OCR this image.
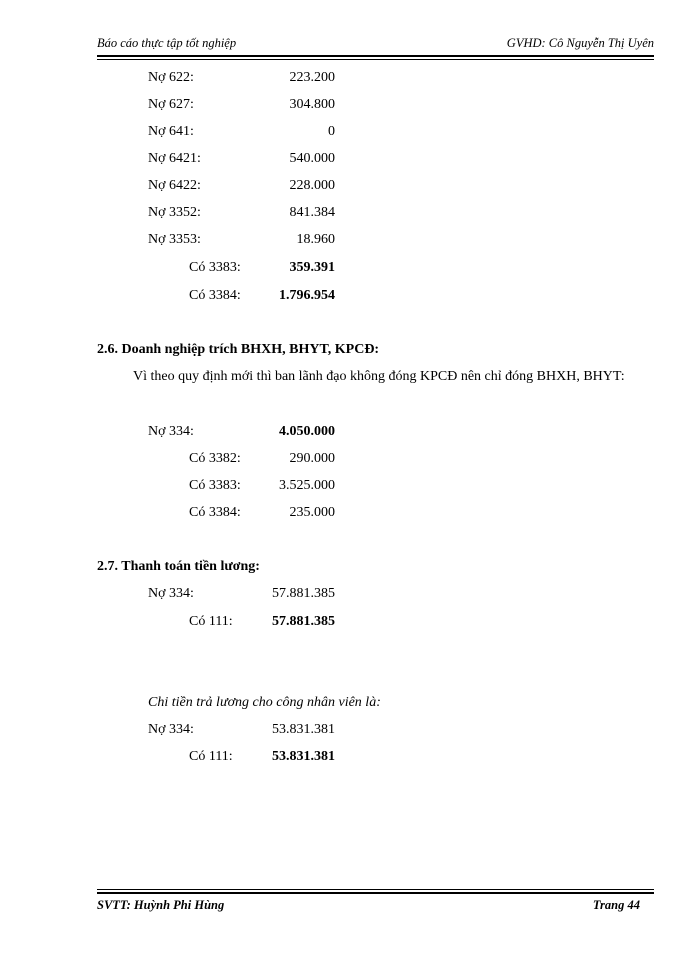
Báo cáo thực tập tốt nghiệp	GVHD: Cô Nguyễn Thị Uyên
Nợ 622:	223.200
Nợ 627:	304.800
Nợ 641:	0
Nợ 6421:	540.000
Nợ 6422:	228.000
Nợ 3352:	841.384
Nợ 3353:	18.960
Có 3383:	359.391
Có 3384:	1.796.954
2.6. Doanh nghiệp trích BHXH, BHYT, KPCĐ:
Vì theo quy định mới thì ban lãnh đạo không đóng KPCĐ nên chỉ đóng BHXH, BHYT:
Nợ 334:	4.050.000
Có 3382:	290.000
Có 3383:	3.525.000
Có 3384:	235.000
2.7. Thanh toán tiền lương:
Nợ 334:	57.881.385
Có 111:	57.881.385
Chi tiền trả lương cho công nhân viên là:
Nợ 334:	53.831.381
Có 111:	53.831.381
SVTT: Huỳnh Phi Hùng	Trang 44
